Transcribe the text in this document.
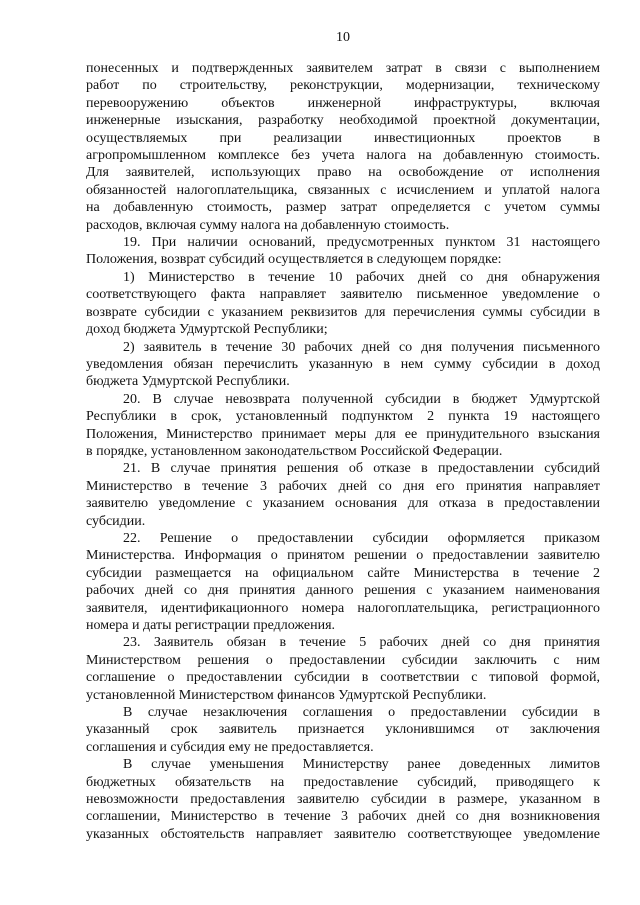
10

понесенных и подтвержденных заявителем затрат в связи с выполнением
работ по строительству, реконструкции, модернизации, техническому
перевооружению объектов инженерной инфраструктуры, включая
инженерные изыскания, разработку необходимой проектной документации,
осуществляемых при реализации инвестиционных проектов в
агропромышленном комплексе без учета налога на добавленную стоимость.
Для заявителей, использующих право на освобождение от исполнения
обязанностей налогоплательщика, связанных с исчислением и уплатой налога
на добавленную стоимость, размер затрат определяется с учетом суммы
расходов, включая сумму налога на добавленную стоимость.

19. При наличии оснований, предусмотренных пунктом 31 настоящего
Положения, возврат субсидий осуществляется в следующем порядке:

1) Министерство в течение 10 рабочих дней со дня обнаружения
соответствующего факта направляет заявителю письменное уведомление о
возврате субсидии с указанием реквизитов для перечисления суммы субсидии в
доход бюджета Удмуртской Республики;

2) заявитель в течение 30 рабочих дней со дня получения письменного
уведомления обязан перечислить указанную в нем сумму субсидии в доход
бюджета Удмуртской Республики.

20. В случае невозврата полученной субсидии в бюджет Удмуртской
Республики в срок, установленный подпунктом 2 пункта 19 настоящего
Положения, Министерство принимает меры для ее принудительного взыскания
в порядке, установленном законодательством Российской Федерации.

21. В случае принятия решения об отказе в предоставлении субсидий
Министерство в течение 3 рабочих дней со дня его принятия направляет
заявителю уведомление с указанием основания для отказа в предоставлении
субсидии.

22. Решение о предоставлении субсидии оформляется приказом
Министерства. Информация о принятом решении о предоставлении заявителю
субсидии размещается на официальном сайте Министерства в течение 2
рабочих дней со дня принятия данного решения с указанием наименования
заявителя, идентификационного номера налогоплательщика, регистрационного
номера и даты регистрации предложения.

23. Заявитель обязан в течение 5 рабочих дней со дня принятия
Министерством решения о предоставлении субсидии заключить с ним
соглашение о предоставлении субсидии в соответствии с типовой формой,
установленной Министерством финансов Удмуртской Республики.

В случае незаключения соглашения о предоставлении субсидии в
указанный срок заявитель признается уклонившимся от заключения
соглашения и субсидия ему не предоставляется.

В случае уменьшения Министерству ранее доведенных лимитов
бюджетных обязательств на предоставление субсидий, приводящего к
невозможности предоставления заявителю субсидии в размере, указанном в
соглашении, Министерство в течение 3 рабочих дней со дня возникновения
указанных обстоятельств направляет заявителю соответствующее уведомление
